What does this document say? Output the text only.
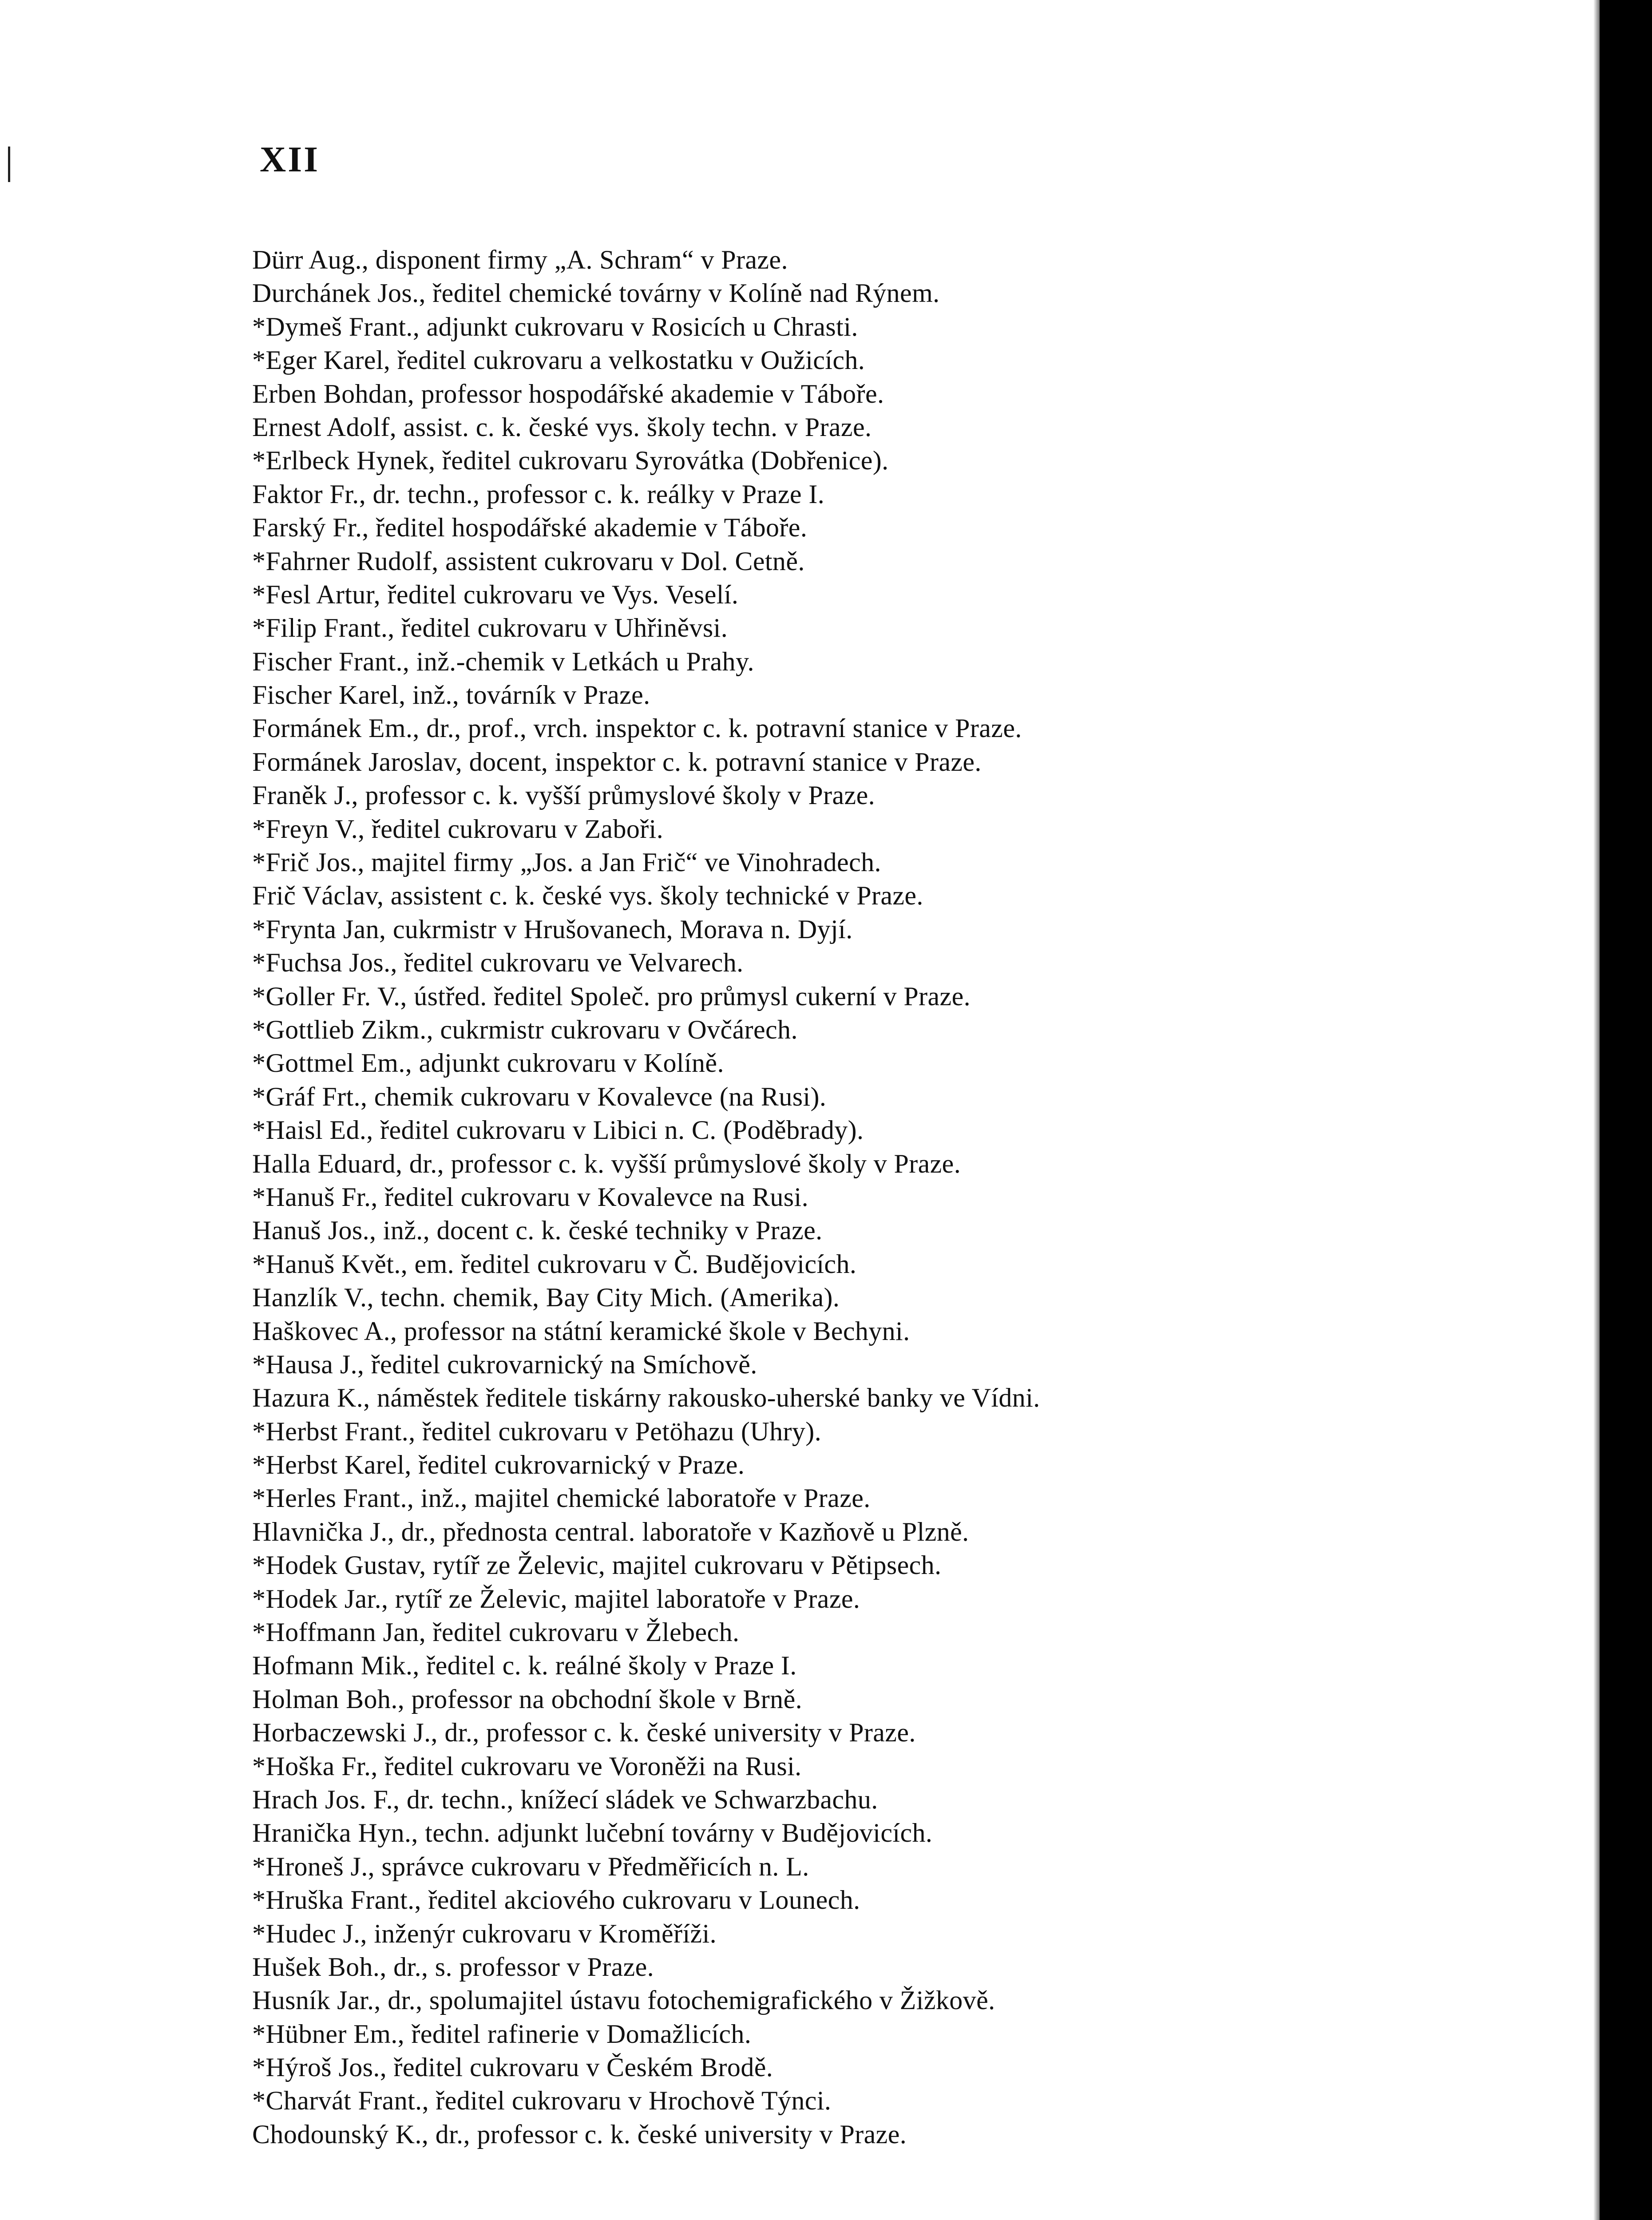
XII
Dürr Aug., disponent firmy „A. Schram“ v Praze.
Durchánek Jos., ředitel chemické továrny v Kolíně nad Rýnem.
*Dymeš Frant., adjunkt cukrovaru v Rosicích u Chrasti.
*Eger Karel, ředitel cukrovaru a velkostatku v Oužicích.
Erben Bohdan, professor hospodářské akademie v Táboře.
Ernest Adolf, assist. c. k. české vys. školy techn. v Praze.
*Erlbeck Hynek, ředitel cukrovaru Syrovátka (Dobřenice).
Faktor Fr., dr. techn., professor c. k. reálky v Praze I.
Farský Fr., ředitel hospodářské akademie v Táboře.
*Fahrner Rudolf, assistent cukrovaru v Dol. Cetně.
*Fesl Artur, ředitel cukrovaru ve Vys. Veselí.
*Filip Frant., ředitel cukrovaru v Uhřiněvsi.
Fischer Frant., inž.-chemik v Letkách u Prahy.
Fischer Karel, inž., továrník v Praze.
Formánek Em., dr., prof., vrch. inspektor c. k. potravní stanice v Praze.
Formánek Jaroslav, docent, inspektor c. k. potravní stanice v Praze.
Franěk J., professor c. k. vyšší průmyslové školy v Praze.
*Freyn V., ředitel cukrovaru v Zaboři.
*Frič Jos., majitel firmy „Jos. a Jan Frič“ ve Vinohradech.
Frič Václav, assistent c. k. české vys. školy technické v Praze.
*Frynta Jan, cukrmistr v Hrušovanech, Morava n. Dyjí.
*Fuchsa Jos., ředitel cukrovaru ve Velvarech.
*Goller Fr. V., ústřed. ředitel Společ. pro průmysl cukerní v Praze.
*Gottlieb Zikm., cukrmistr cukrovaru v Ovčárech.
*Gottmel Em., adjunkt cukrovaru v Kolíně.
*Gráf Frt., chemik cukrovaru v Kovalevce (na Rusi).
*Haisl Ed., ředitel cukrovaru v Libici n. C. (Poděbrady).
Halla Eduard, dr., professor c. k. vyšší průmyslové školy v Praze.
*Hanuš Fr., ředitel cukrovaru v Kovalevce na Rusi.
Hanuš Jos., inž., docent c. k. české techniky v Praze.
*Hanuš Květ., em. ředitel cukrovaru v Č. Budějovicích.
Hanzlík V., techn. chemik, Bay City Mich. (Amerika).
Haškovec A., professor na státní keramické škole v Bechyni.
*Hausa J., ředitel cukrovarnický na Smíchově.
Hazura K., náměstek ředitele tiskárny rakousko-uherské banky ve Vídni.
*Herbst Frant., ředitel cukrovaru v Petöhazu (Uhry).
*Herbst Karel, ředitel cukrovarnický v Praze.
*Herles Frant., inž., majitel chemické laboratoře v Praze.
Hlavnička J., dr., přednosta central. laboratoře v Kazňově u Plzně.
*Hodek Gustav, rytíř ze Želevic, majitel cukrovaru v Pětipsech.
*Hodek Jar., rytíř ze Želevic, majitel laboratoře v Praze.
*Hoffmann Jan, ředitel cukrovaru v Žlebech.
Hofmann Mik., ředitel c. k. reálné školy v Praze I.
Holman Boh., professor na obchodní škole v Brně.
Horbaczewski J., dr., professor c. k. české university v Praze.
*Hoška Fr., ředitel cukrovaru ve Voroněži na Rusi.
Hrach Jos. F., dr. techn., knížecí sládek ve Schwarzbachu.
Hranička Hyn., techn. adjunkt lučební továrny v Budějovicích.
*Hroneš J., správce cukrovaru v Předměřicích n. L.
*Hruška Frant., ředitel akciového cukrovaru v Lounech.
*Hudec J., inženýr cukrovaru v Kroměříži.
Hušek Boh., dr., s. professor v Praze.
Husník Jar., dr., spolumajitel ústavu fotochemigrafického v Žižkově.
*Hübner Em., ředitel rafinerie v Domažlicích.
*Hýroš Jos., ředitel cukrovaru v Českém Brodě.
*Charvát Frant., ředitel cukrovaru v Hrochově Týnci.
Chodounský K., dr., professor c. k. české university v Praze.
